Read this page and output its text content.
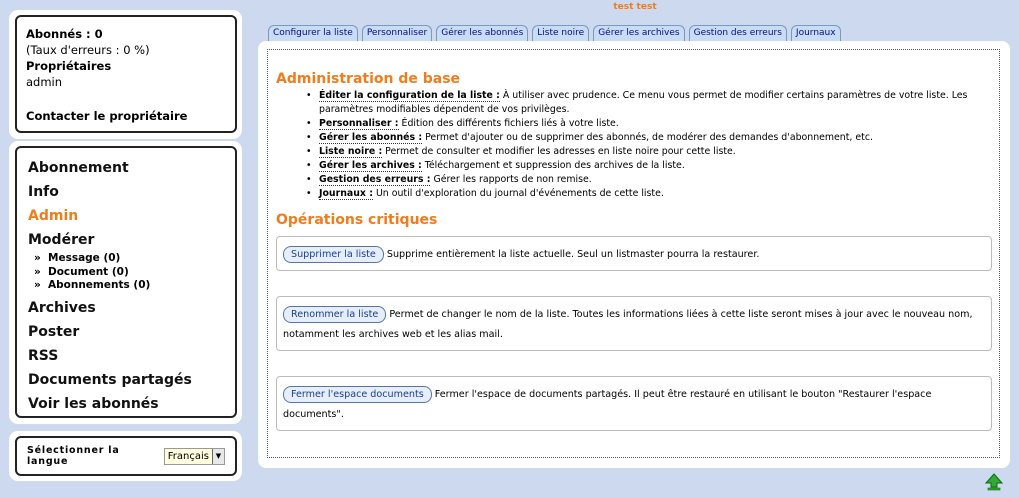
test test
Abonnés : 0
(Taux d'erreurs : 0 %)
Propriétaires
admin
Contacter le propriétaire
Abonnement
Info
Admin
Modérer
» Message (0)
» Document (0)
» Abonnements (0)
Archives
Poster
RSS
Documents partagés
Voir les abonnés
Sélectionner la langue	Français ▼
Configurer la liste	Personnaliser	Gérer les abonnés	Liste noire	Gérer les archives	Gestion des erreurs	Journaux
Administration de base
• Éditer la configuration de la liste : À utiliser avec prudence. Ce menu vous permet de modifier certains paramètres de votre liste. Les paramètres modifiables dépendent de vos privilèges.
• Personnaliser : Édition des différents fichiers liés à votre liste.
• Gérer les abonnés : Permet d'ajouter ou de supprimer des abonnés, de modérer des demandes d'abonnement, etc.
• Liste noire : Permet de consulter et modifier les adresses en liste noire pour cette liste.
• Gérer les archives : Téléchargement et suppression des archives de la liste.
• Gestion des erreurs : Gérer les rapports de non remise.
• Journaux : Un outil d'exploration du journal d'événements de cette liste.
Opérations critiques
Supprimer la liste Supprime entièrement la liste actuelle. Seul un listmaster pourra la restaurer.
Renommer la liste Permet de changer le nom de la liste. Toutes les informations liées à cette liste seront mises à jour avec le nouveau nom, notamment les archives web et les alias mail.
Fermer l'espace documents Fermer l'espace de documents partagés. Il peut être restauré en utilisant le bouton "Restaurer l'espace documents".
